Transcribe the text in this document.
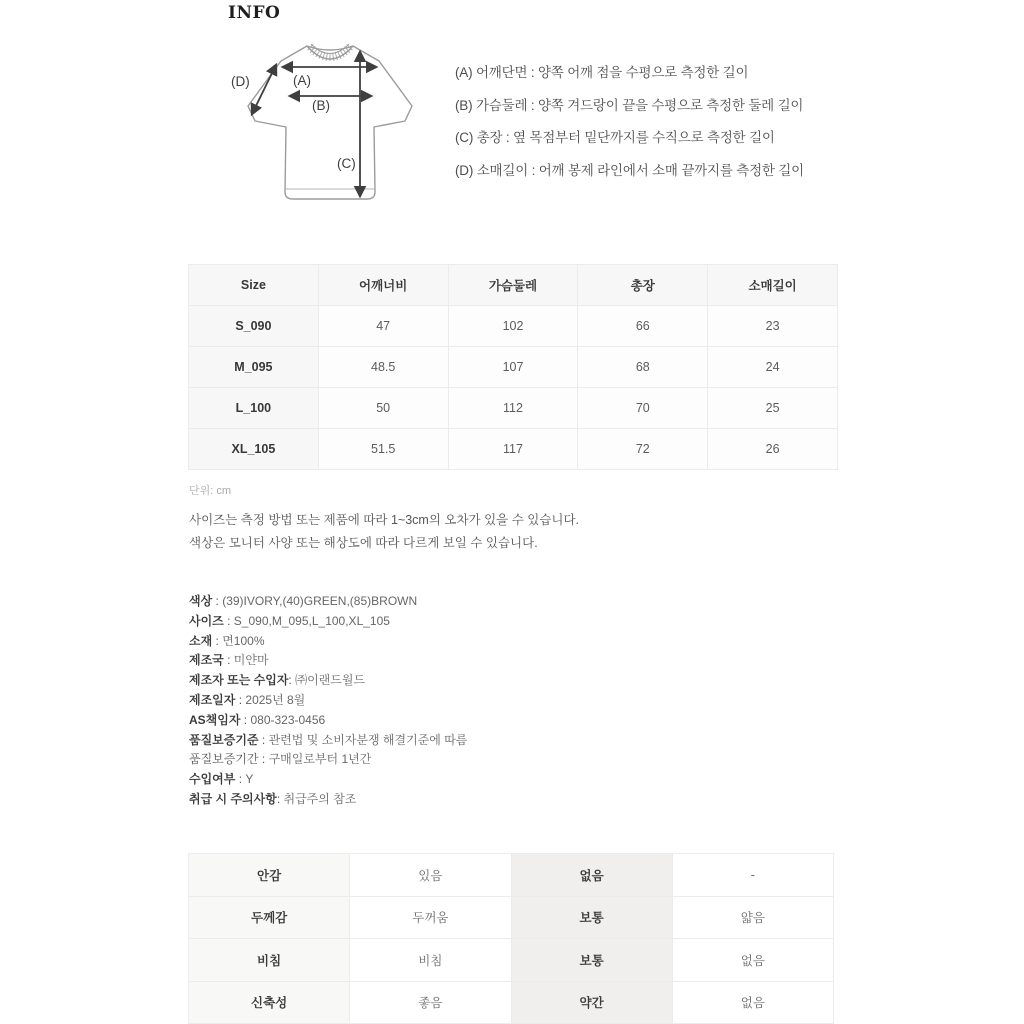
INFO
(A)
(B)
(C)
(D)
(A) 어깨단면 : 양쪽 어깨 점을 수평으로 측정한 길이
(B) 가슴둘레 : 양쪽 겨드랑이 끝을 수평으로 측정한 둘레 길이
(C) 총장 : 옆 목점부터 밑단까지를 수직으로 측정한 길이
(D) 소매길이 : 어깨 봉제 라인에서 소매 끝까지를 측정한 길이
Size	어깨너비	가슴둘레	총장	소매길이
S_090	47	102	66	23
M_095	48.5	107	68	24
L_100	50	112	70	25
XL_105	51.5	117	72	26
단위: cm
사이즈는 측정 방법 또는 제품에 따라 1~3cm의 오차가 있을 수 있습니다.
색상은 모니터 사양 또는 해상도에 따라 다르게 보일 수 있습니다.
색상 : (39)IVORY,(40)GREEN,(85)BROWN
사이즈 : S_090,M_095,L_100,XL_105
소재 : 면100%
제조국 : 미얀마
제조자 또는 수입자: ㈜이랜드월드
제조일자 : 2025년 8월
AS책임자 : 080-323-0456
품질보증기준 : 관련법 및 소비자분쟁 해결기준에 따름
품질보증기간 : 구매일로부터 1년간
수입여부 : Y
취급 시 주의사항: 취급주의 참조
안감	있음	없음	-
두께감	두꺼움	보통	얇음
비침	비침	보통	없음
신축성	좋음	약간	없음
